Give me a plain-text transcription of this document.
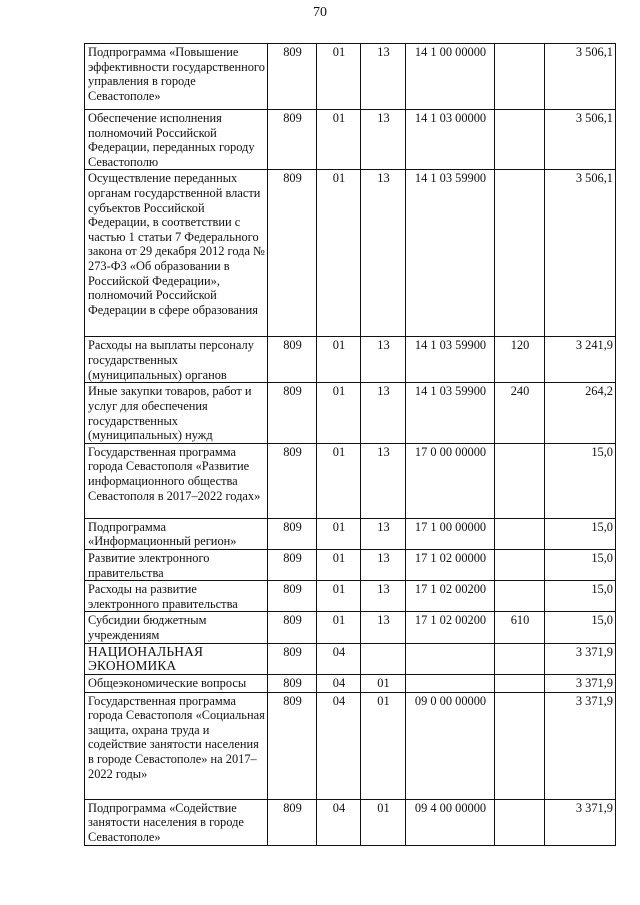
70
Подпрограмма «Повышение эффективности государственного управления в городе Севастополе»	809	01	13	14 1 00 00000		3 506,1
Обеспечение исполнения полномочий Российской Федерации, переданных городу Севастополю	809	01	13	14 1 03 00000		3 506,1
Осуществление переданных органам государственной власти субъектов Российской Федерации, в соответствии с частью 1 статьи 7 Федерального закона от 29 декабря 2012 года № 273-ФЗ «Об образовании в Российской Федерации», полномочий Российской Федерации в сфере образования	809	01	13	14 1 03 59900		3 506,1
Расходы на выплаты персоналу государственных (муниципальных) органов	809	01	13	14 1 03 59900	120	3 241,9
Иные закупки товаров, работ и услуг для обеспечения государственных (муниципальных) нужд	809	01	13	14 1 03 59900	240	264,2
Государственная программа города Севастополя «Развитие информационного общества Севастополя в 2017–2022 годах»	809	01	13	17 0 00 00000		15,0
Подпрограмма «Информационный регион»	809	01	13	17 1 00 00000		15,0
Развитие электронного правительства	809	01	13	17 1 02 00000		15,0
Расходы на развитие электронного правительства	809	01	13	17 1 02 00200		15,0
Субсидии бюджетным учреждениям	809	01	13	17 1 02 00200	610	15,0
НАЦИОНАЛЬНАЯ ЭКОНОМИКА	809	04				3 371,9
Общеэкономические вопросы	809	04	01			3 371,9
Государственная программа города Севастополя «Социальная защита, охрана труда и содействие занятости населения в городе Севастополе» на 2017–2022 годы»	809	04	01	09 0 00 00000		3 371,9
Подпрограмма «Содействие занятости населения в городе Севастополе»	809	04	01	09 4 00 00000		3 371,9
